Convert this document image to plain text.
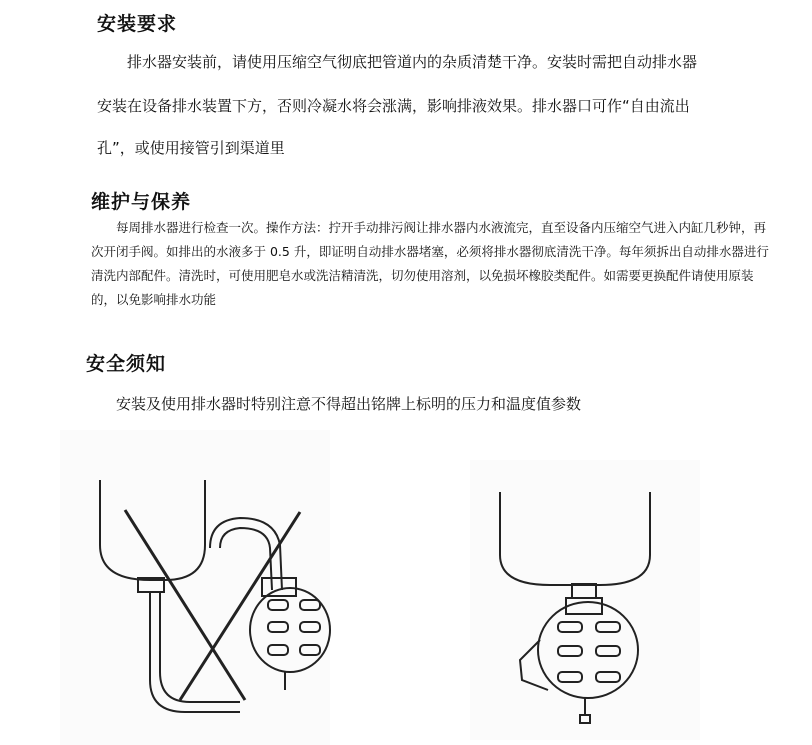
安装要求
排水器安装前，请使用压缩空气彻底把管道内的杂质清楚干净。安装时需把自动排水器
安装在设备排水装置下方，否则冷凝水将会涨满，影响排液效果。排水器口可作“自由流出
孔”，或使用接管引到渠道里
维护与保养
每周排水器进行检查一次。操作方法：拧开手动排污阀让排水器内水液流完，直至设备内压缩空气进入内缸几秒钟，再次开闭手阀。如排出的水液多于 0.5 升，即证明自动排水器堵塞，必须将排水器彻底清洗干净。每年须拆出自动排水器进行清洗内部配件。清洗时，可使用肥皂水或洗洁精清洗，切勿使用溶剂，以免损坏橡胶类配件。如需要更换配件请使用原装的，以免影响排水功能
安全须知
安装及使用排水器时特别注意不得超出铭牌上标明的压力和温度值参数
